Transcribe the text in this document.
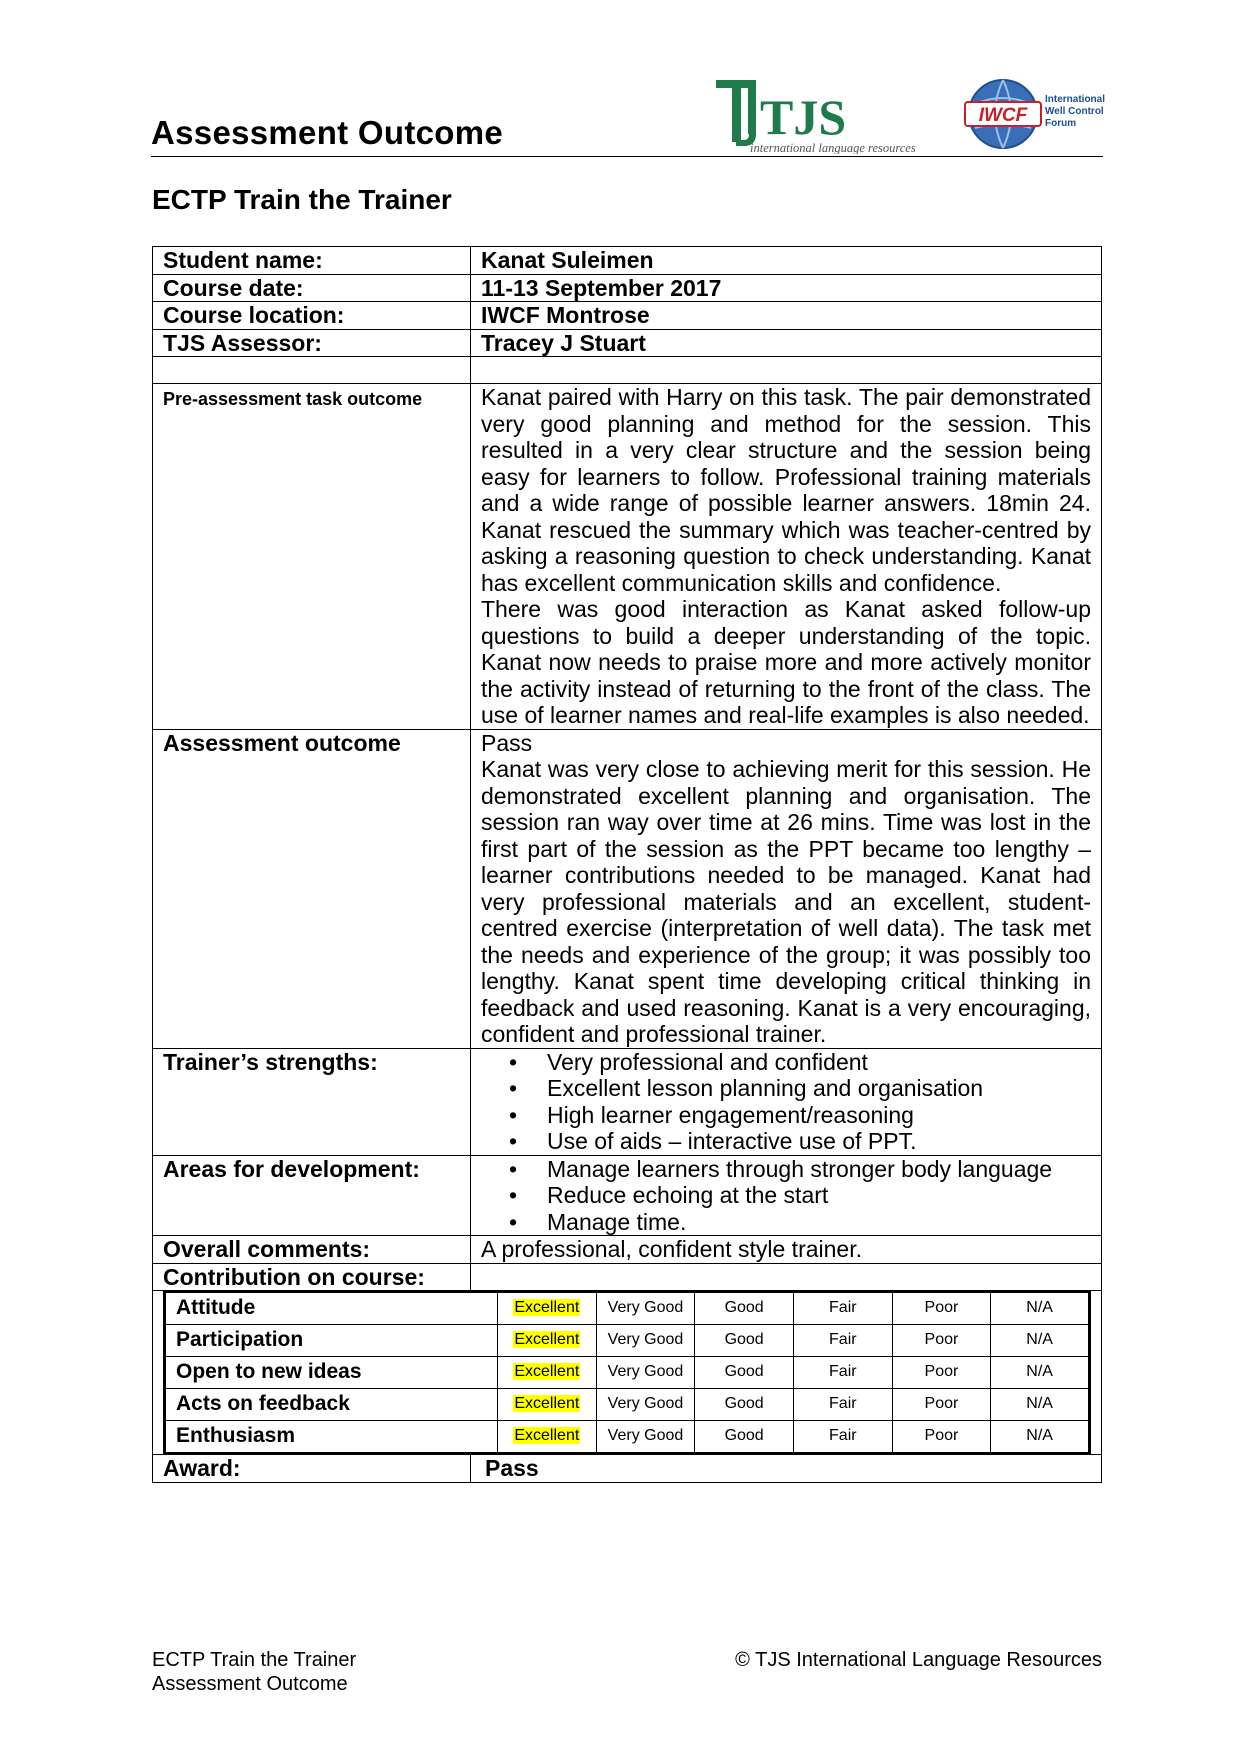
Assessment Outcome	TJS
international language resources
IWCF
International
Well Control
Forum
ECTP Train the Trainer
Student name:	Kanat Suleimen
Course date:	11-13 September 2017
Course location:	IWCF Montrose
TJS Assessor:	Tracey J Stuart

Pre-assessment task outcome	Kanat paired with Harry on this task. The pair demonstrated very good planning and method for the session. This resulted in a very clear structure and the session being easy for learners to follow. Professional training materials and a wide range of possible learner answers. 18min 24. Kanat rescued the summary which was teacher-centred by asking a reasoning question to check understanding. Kanat has excellent communication skills and confidence.
There was good interaction as Kanat asked follow-up questions to build a deeper understanding of the topic. Kanat now needs to praise more and more actively monitor the activity instead of returning to the front of the class. The use of learner names and real-life examples is also needed.

Assessment outcome	Pass
Kanat was very close to achieving merit for this session. He demonstrated excellent planning and organisation. The session ran way over time at 26 mins. Time was lost in the first part of the session as the PPT became too lengthy – learner contributions needed to be managed. Kanat had very professional materials and an excellent, student-centred exercise (interpretation of well data). The task met the needs and experience of the group; it was possibly too lengthy. Kanat spent time developing critical thinking in feedback and used reasoning. Kanat is a very encouraging, confident and professional trainer.

Trainer’s strengths:	
•Very professional and confident
• Excellent lesson planning and organisation
• High learner engagement/reasoning
• Use of aids – interactive use of PPT.

Areas for development:	
•Manage learners through stronger body language
• Reduce echoing at the start
• Manage time.

Overall comments:	A professional, confident style trainer.
Contribution on course:	

Attitude	Excellent	Very Good	Good	Fair	Poor	N/A
Participation	Excellent	Very Good	Good	Fair	Poor	N/A
Open to new ideas	Excellent	Very Good	Good	Fair	Poor	N/A
Acts on feedback	Excellent	Very Good	Good	Fair	Poor	N/A
Enthusiasm	Excellent	Very Good	Good	Fair	Poor	N/A

Award:	Pass
ECTP Train the Trainer
Assessment Outcome
© TJS International Language Resources
